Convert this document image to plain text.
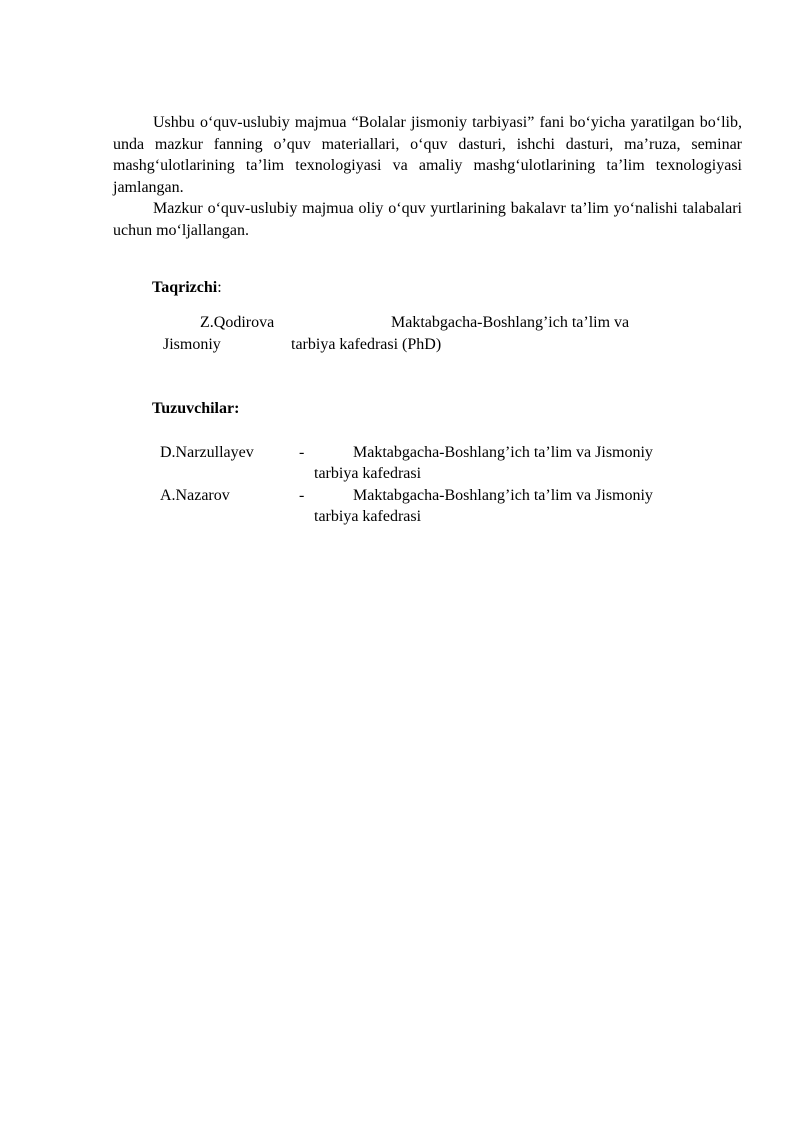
Ushbu o‘quv-uslubiy majmua “Bolalar jismoniy tarbiyasi” fani bo‘yicha yaratilgan bo‘lib, unda mazkur fanning o’quv materiallari, o‘quv dasturi, ishchi dasturi, ma’ruza, seminar mashg‘ulotlarining ta’lim texnologiyasi va amaliy mashg‘ulotlarining ta’lim texnologiyasi jamlangan.

Mazkur o‘quv-uslubiy majmua oliy o‘quv yurtlarining bakalavr ta’lim yo‘nalishi talabalari uchun mo‘ljallangan.

Taqrizchi:

Z.Qodirova	Maktabgacha-Boshlang’ich ta’lim va

Jismoniy	tarbiya kafedrasi (PhD)

Tuzuvchilar:

D.Narzullayev	-	Maktabgacha-Boshlang’ich ta’lim va Jismoniy

tarbiya kafedrasi

A.Nazarov	-	Maktabgacha-Boshlang’ich ta’lim va Jismoniy

tarbiya kafedrasi
